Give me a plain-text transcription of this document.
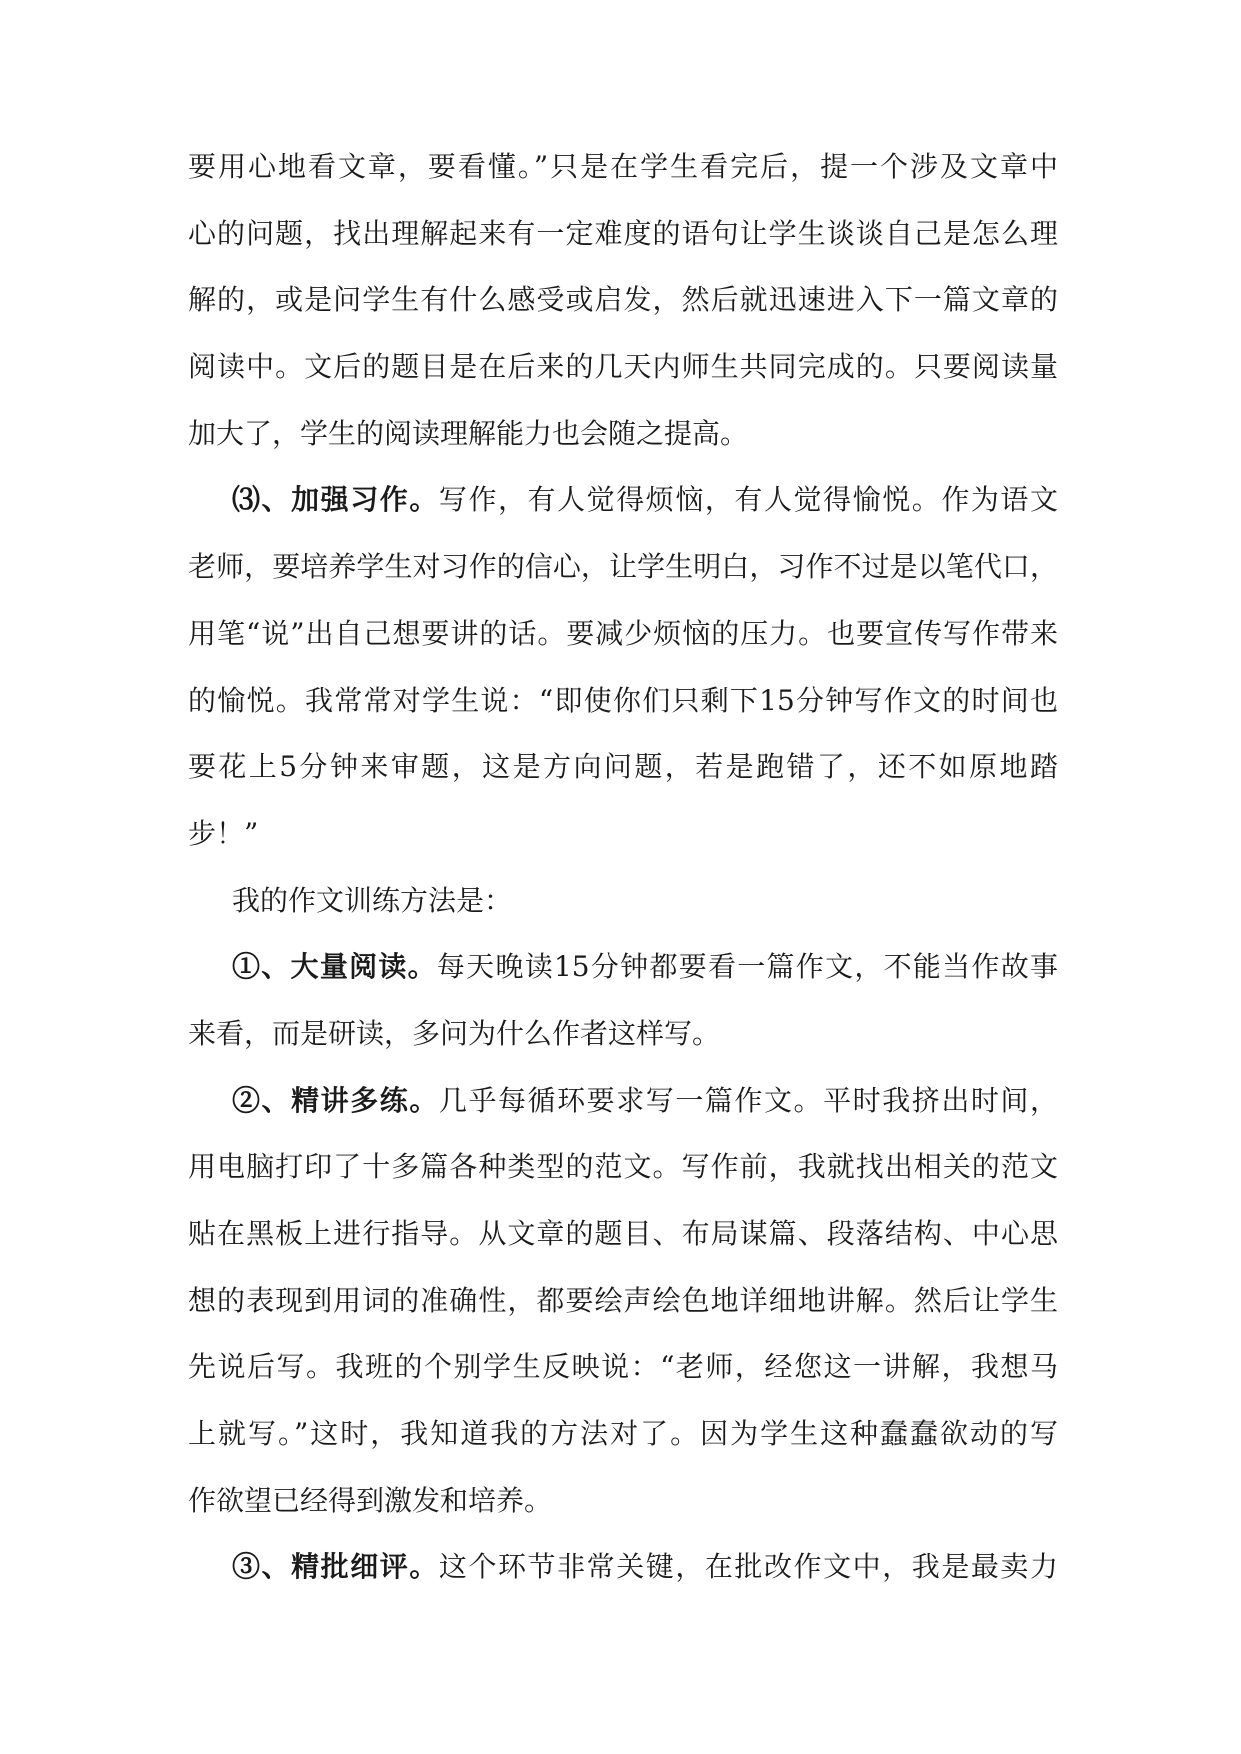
要用心地看文章，要看懂。”只是在学生看完后，提一个涉及文章中
心的问题，找出理解起来有一定难度的语句让学生谈谈自己是怎么理
解的，或是问学生有什么感受或启发，然后就迅速进入下一篇文章的
阅读中。文后的题目是在后来的几天内师生共同完成的。只要阅读量
加大了，学生的阅读理解能力也会随之提高。
⑶、加强习作。写作，有人觉得烦恼，有人觉得愉悦。作为语文
老师，要培养学生对习作的信心，让学生明白，习作不过是以笔代口，
用笔“说”出自己想要讲的话。要减少烦恼的压力。也要宣传写作带来
的愉悦。我常常对学生说：“即使你们只剩下15分钟写作文的时间也
要花上5分钟来审题，这是方向问题，若是跑错了，还不如原地踏
步！”
我的作文训练方法是：
①、大量阅读。每天晚读15分钟都要看一篇作文，不能当作故事
来看，而是研读，多问为什么作者这样写。
②、精讲多练。几乎每循环要求写一篇作文。平时我挤出时间，
用电脑打印了十多篇各种类型的范文。写作前，我就找出相关的范文
贴在黑板上进行指导。从文章的题目、布局谋篇、段落结构、中心思
想的表现到用词的准确性，都要绘声绘色地详细地讲解。然后让学生
先说后写。我班的个别学生反映说：“老师，经您这一讲解，我想马
上就写。”这时，我知道我的方法对了。因为学生这种蠢蠢欲动的写
作欲望已经得到激发和培养。
③、精批细评。这个环节非常关键，在批改作文中，我是最卖力
